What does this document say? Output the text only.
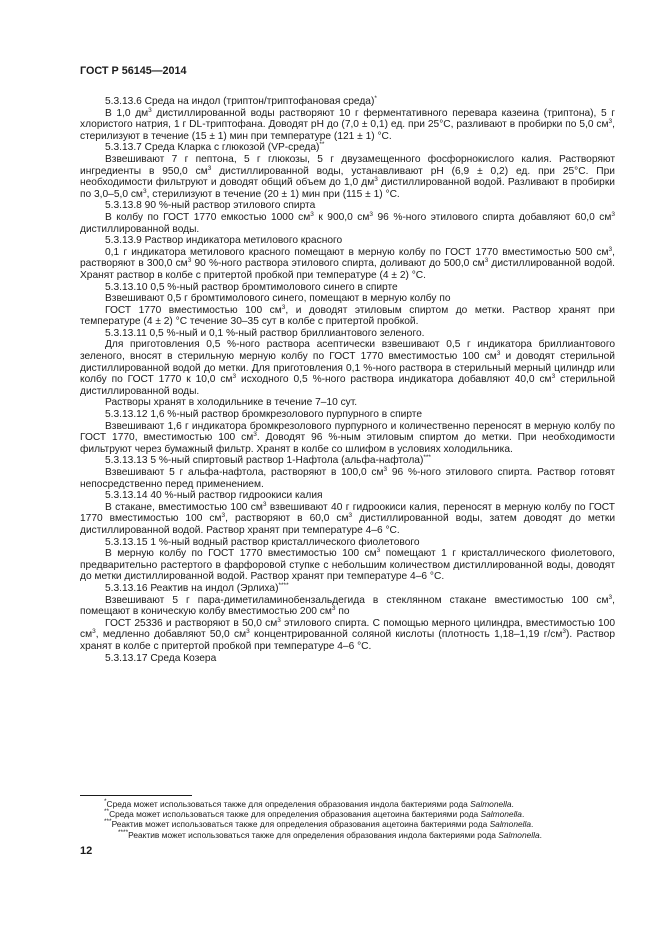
ГОСТ Р 56145—2014

5.3.13.6 Среда на индол (триптон/триптофановая среда)*

В 1,0 $дм^3$ дистиллированной воды растворяют 10 г ферментативного перевара казеина (триптона), 5 г хлористого натрия, 1 г DL-триптофана. Доводят pH до (7,0 ± 0,1) ед. при 25°С, разливают в пробирки по 5,0 $см^3$, стерилизуют в течение (15 ± 1) мин при температуре (121 ± 1) °С.

5.3.13.7 Среда Кларка с глюкозой (VP-среда)**

Взвешивают 7 г пептона, 5 г глюкозы, 5 г двузамещенного фосфорнокислого калия. Растворяют ингредиенты в 950,0 $см^3$ дистиллированной воды, устанавливают pH (6,9 ± 0,2) ед. при 25°С. При необходимости фильтруют и доводят общий объем до 1,0 $дм^3$ дистиллированной водой. Разливают в пробирки по 3,0–5,0 $см^3$, стерилизуют в течение (20 ± 1) мин при (115 ± 1) °С.

5.3.13.8 90 %-ный раствор этилового спирта

В колбу по ГОСТ 1770 емкостью 1000 $см^3$ к 900,0 $см^3$ 96 %-ного этилового спирта добавляют 60,0 $см^3$ дистиллированной воды.

5.3.13.9 Раствор индикатора метилового красного

0,1 г индикатора метилового красного помещают в мерную колбу по ГОСТ 1770 вместимостью 500 $см^3$, растворяют в 300,0 $см^3$ 90 %-ного раствора этилового спирта, доливают до 500,0 $см^3$ дистиллированной водой. Хранят раствор в колбе с притертой пробкой при температуре (4 ± 2) °С.

5.3.13.10 0,5 %-ный раствор бромтимолового синего в спирте

Взвешивают 0,5 г бромтимолового синего, помещают в мерную колбу по

ГОСТ 1770 вместимостью 100 $см^3$, и доводят этиловым спиртом до метки. Раствор хранят при температуре (4 ± 2) °С течение 30–35 сут в колбе с притертой пробкой.

5.3.13.11 0,5 %-ный и 0,1 %-ный раствор бриллиантового зеленого.

Для приготовления 0,5 %-ного раствора асептически взвешивают 0,5 г индикатора бриллиантового зеленого, вносят в стерильную мерную колбу по ГОСТ 1770 вместимостью 100 $см^3$ и доводят стерильной дистиллированной водой до метки. Для приготовления 0,1 %-ного раствора в стерильный мерный цилиндр или колбу по ГОСТ 1770 к 10,0 $см^3$ исходного 0,5 %-ного раствора индикатора добавляют 40,0 $см^3$ стерильной дистиллированной воды.

Растворы хранят в холодильнике в течение 7–10 сут.

5.3.13.12 1,6 %-ный раствор бромкрезолового пурпурного в спирте

Взвешивают 1,6 г индикатора бромкрезолового пурпурного и количественно переносят в мерную колбу по ГОСТ 1770, вместимостью 100 $см^3$. Доводят 96 %-ным этиловым спиртом до метки. При необходимости фильтруют через бумажный фильтр. Хранят в колбе со шлифом в условиях холодильника.

5.3.13.13 5 %-ный спиртовый раствор 1-Нафтола (альфа-нафтола)***

Взвешивают 5 г альфа-нафтола, растворяют в 100,0 $см^3$ 96 %-ного этилового спирта. Раствор готовят непосредственно перед применением.

5.3.13.14 40 %-ный раствор гидроокиси калия

В стакане, вместимостью 100 $см^3$ взвешивают 40 г гидроокиси калия, переносят в мерную колбу по ГОСТ 1770 вместимостью 100 $см^3$, растворяют в 60,0 $см^3$ дистиллированной воды, затем доводят до метки дистиллированной водой. Раствор хранят при температуре 4–6 °С.

5.3.13.15 1 %-ный водный раствор кристаллического фиолетового

В мерную колбу по ГОСТ 1770 вместимостью 100 $см^3$ помещают 1 г кристаллического фиолетового, предварительно растертого в фарфоровой ступке с небольшим количеством дистиллированной воды, доводят до метки дистиллированной водой. Раствор хранят при температуре 4–6 °С.

5.3.13.16 Реактив на индол (Эрлиха)****

Взвешивают 5 г пара-диметиламинобензальдегида в стеклянном стакане вместимостью 100 $см^3$, помещают в коническую колбу вместимостью 200 $см^3$ по

ГОСТ 25336 и растворяют в 50,0 $см^3$ этилового спирта. С помощью мерного цилиндра, вместимостью 100 $см^3$, медленно добавляют 50,0 $см^3$ концентрированной соляной кислоты (плотность 1,18–1,19 $г/см^3$). Раствор хранят в колбе с притертой пробкой при температуре 4–6 °С.

5.3.13.17 Среда Козера

*Среда может использоваться также для определения образования индола бактериями рода Salmonella.

**Среда может использоваться также для определения образования ацетоина бактериями рода Salmonella.

***Реактив может использоваться также для определения образования ацетоина бактериями рода Salmonella.

****Реактив может использоваться также для определения образования индола бактериями рода Salmonella.

12
